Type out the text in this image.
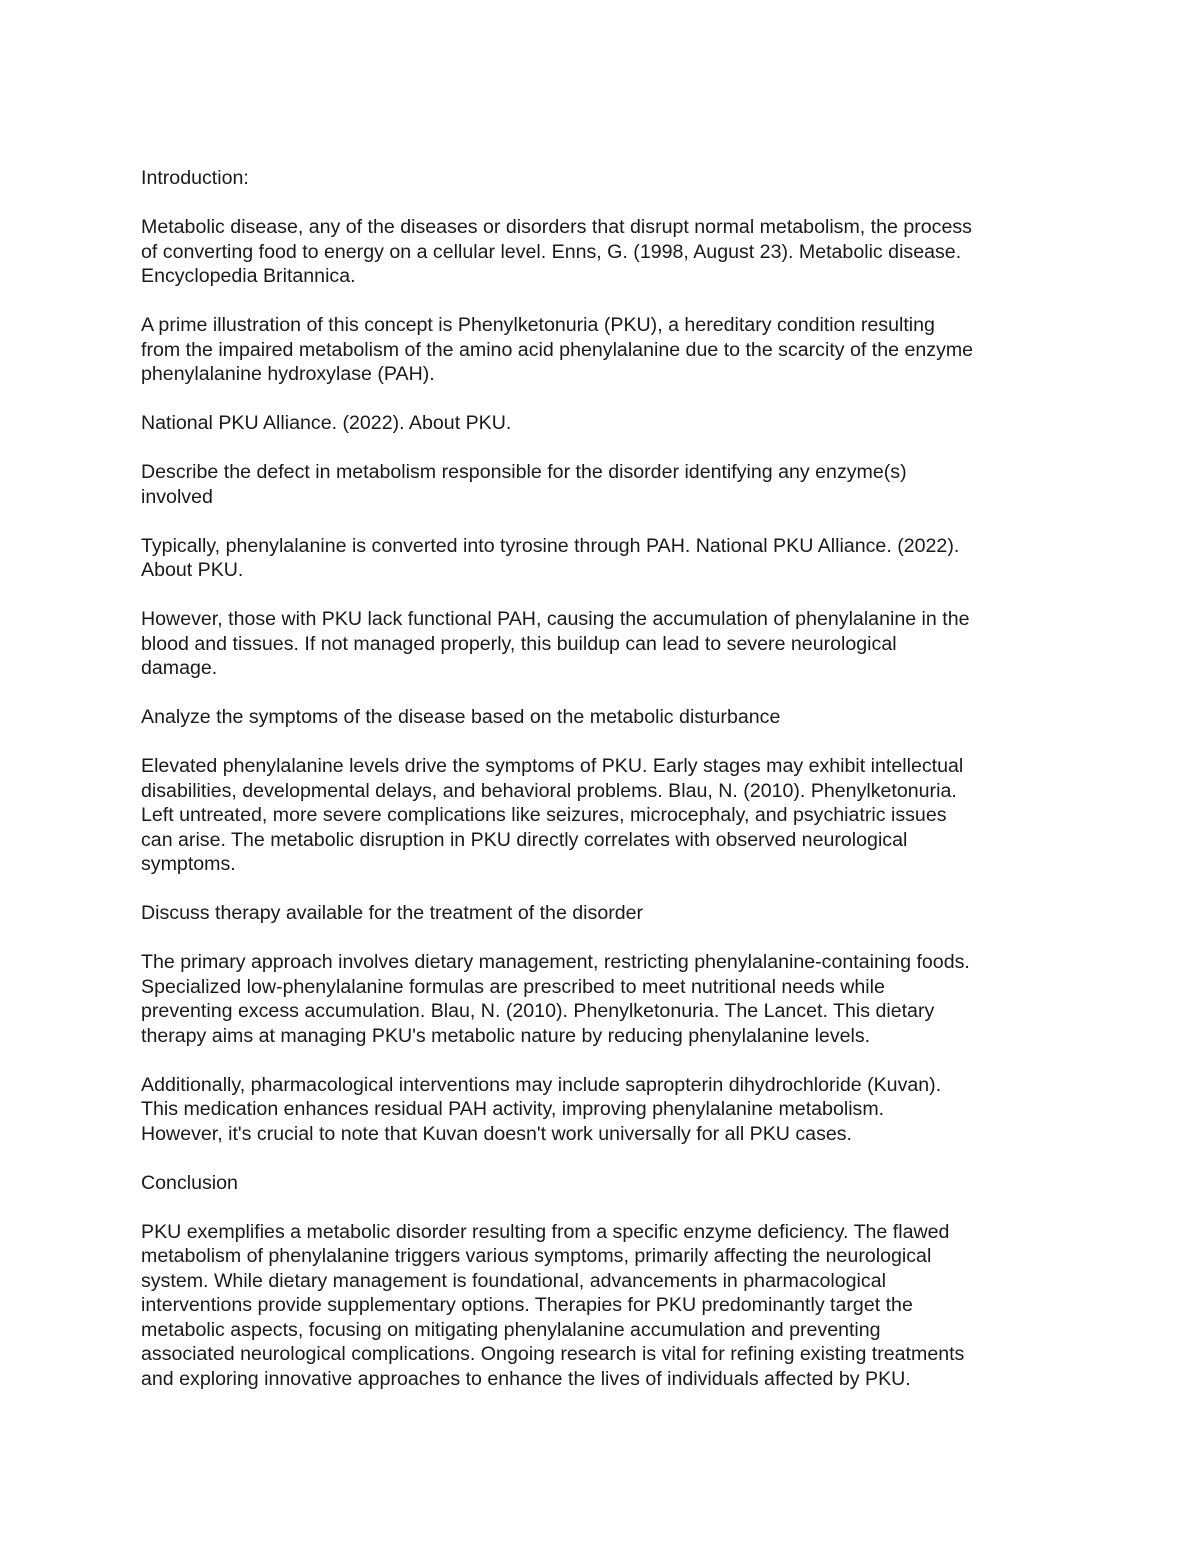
Introduction:

Metabolic disease, any of the diseases or disorders that disrupt normal metabolism, the process
of converting food to energy on a cellular level. Enns, G. (1998, August 23). Metabolic disease.
Encyclopedia Britannica.

A prime illustration of this concept is Phenylketonuria (PKU), a hereditary condition resulting
from the impaired metabolism of the amino acid phenylalanine due to the scarcity of the enzyme
phenylalanine hydroxylase (PAH).

National PKU Alliance. (2022). About PKU.

Describe the defect in metabolism responsible for the disorder identifying any enzyme(s)
involved

Typically, phenylalanine is converted into tyrosine through PAH. National PKU Alliance. (2022).
About PKU.

However, those with PKU lack functional PAH, causing the accumulation of phenylalanine in the
blood and tissues. If not managed properly, this buildup can lead to severe neurological
damage.

Analyze the symptoms of the disease based on the metabolic disturbance

Elevated phenylalanine levels drive the symptoms of PKU. Early stages may exhibit intellectual
disabilities, developmental delays, and behavioral problems. Blau, N. (2010). Phenylketonuria.
Left untreated, more severe complications like seizures, microcephaly, and psychiatric issues
can arise. The metabolic disruption in PKU directly correlates with observed neurological
symptoms.

Discuss therapy available for the treatment of the disorder

The primary approach involves dietary management, restricting phenylalanine-containing foods.
Specialized low-phenylalanine formulas are prescribed to meet nutritional needs while
preventing excess accumulation. Blau, N. (2010). Phenylketonuria. The Lancet. This dietary
therapy aims at managing PKU's metabolic nature by reducing phenylalanine levels.

Additionally, pharmacological interventions may include sapropterin dihydrochloride (Kuvan).
This medication enhances residual PAH activity, improving phenylalanine metabolism.
However, it's crucial to note that Kuvan doesn't work universally for all PKU cases.

Conclusion

PKU exemplifies a metabolic disorder resulting from a specific enzyme deficiency. The flawed
metabolism of phenylalanine triggers various symptoms, primarily affecting the neurological
system. While dietary management is foundational, advancements in pharmacological
interventions provide supplementary options. Therapies for PKU predominantly target the
metabolic aspects, focusing on mitigating phenylalanine accumulation and preventing
associated neurological complications. Ongoing research is vital for refining existing treatments
and exploring innovative approaches to enhance the lives of individuals affected by PKU.
